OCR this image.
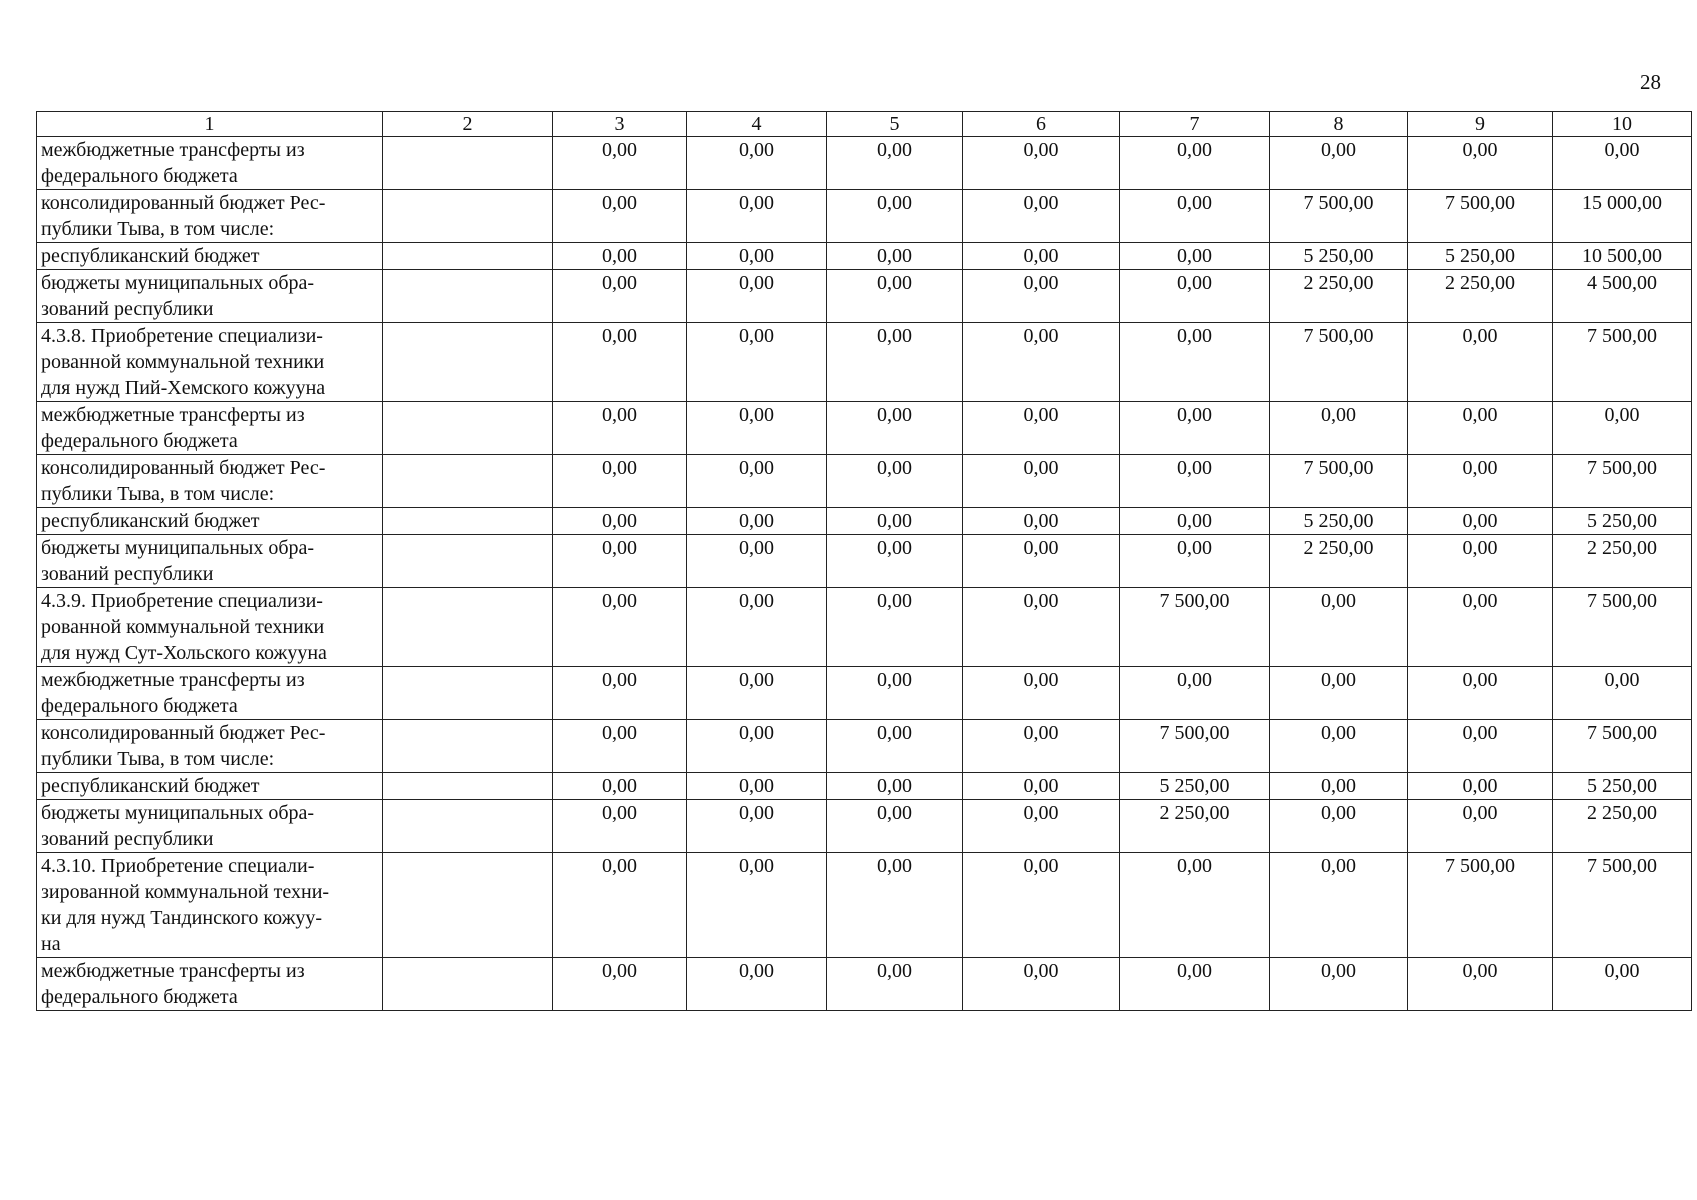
28
1	2	3	4	5	6	7	8	9	10

межбюджетные трансферты из
федерального бюджета		0,00	0,00	0,00	0,00	0,00	0,00	0,00	0,00

консолидированный бюджет Рес-
публики Тыва, в том числе:		0,00	0,00	0,00	0,00	0,00	7 500,00	7 500,00	15 000,00

республиканский бюджет		0,00	0,00	0,00	0,00	0,00	5 250,00	5 250,00	10 500,00

бюджеты муниципальных обра-
зований республики		0,00	0,00	0,00	0,00	0,00	2 250,00	2 250,00	4 500,00

4.3.8. Приобретение специализи-
рованной коммунальной техники
для нужд Пий-Хемского кожууна		0,00	0,00	0,00	0,00	0,00	7 500,00	0,00	7 500,00

межбюджетные трансферты из
федерального бюджета		0,00	0,00	0,00	0,00	0,00	0,00	0,00	0,00

консолидированный бюджет Рес-
публики Тыва, в том числе:		0,00	0,00	0,00	0,00	0,00	7 500,00	0,00	7 500,00

республиканский бюджет		0,00	0,00	0,00	0,00	0,00	5 250,00	0,00	5 250,00

бюджеты муниципальных обра-
зований республики		0,00	0,00	0,00	0,00	0,00	2 250,00	0,00	2 250,00

4.3.9. Приобретение специализи-
рованной коммунальной техники
для нужд Сут-Хольского кожууна		0,00	0,00	0,00	0,00	7 500,00	0,00	0,00	7 500,00

межбюджетные трансферты из
федерального бюджета		0,00	0,00	0,00	0,00	0,00	0,00	0,00	0,00

консолидированный бюджет Рес-
публики Тыва, в том числе:		0,00	0,00	0,00	0,00	7 500,00	0,00	0,00	7 500,00

республиканский бюджет		0,00	0,00	0,00	0,00	5 250,00	0,00	0,00	5 250,00

бюджеты муниципальных обра-
зований республики		0,00	0,00	0,00	0,00	2 250,00	0,00	0,00	2 250,00

4.3.10. Приобретение специали-
зированной коммунальной техни-
ки для нужд Тандинского кожуу-
на		0,00	0,00	0,00	0,00	0,00	0,00	7 500,00	7 500,00

межбюджетные трансферты из
федерального бюджета		0,00	0,00	0,00	0,00	0,00	0,00	0,00	0,00
